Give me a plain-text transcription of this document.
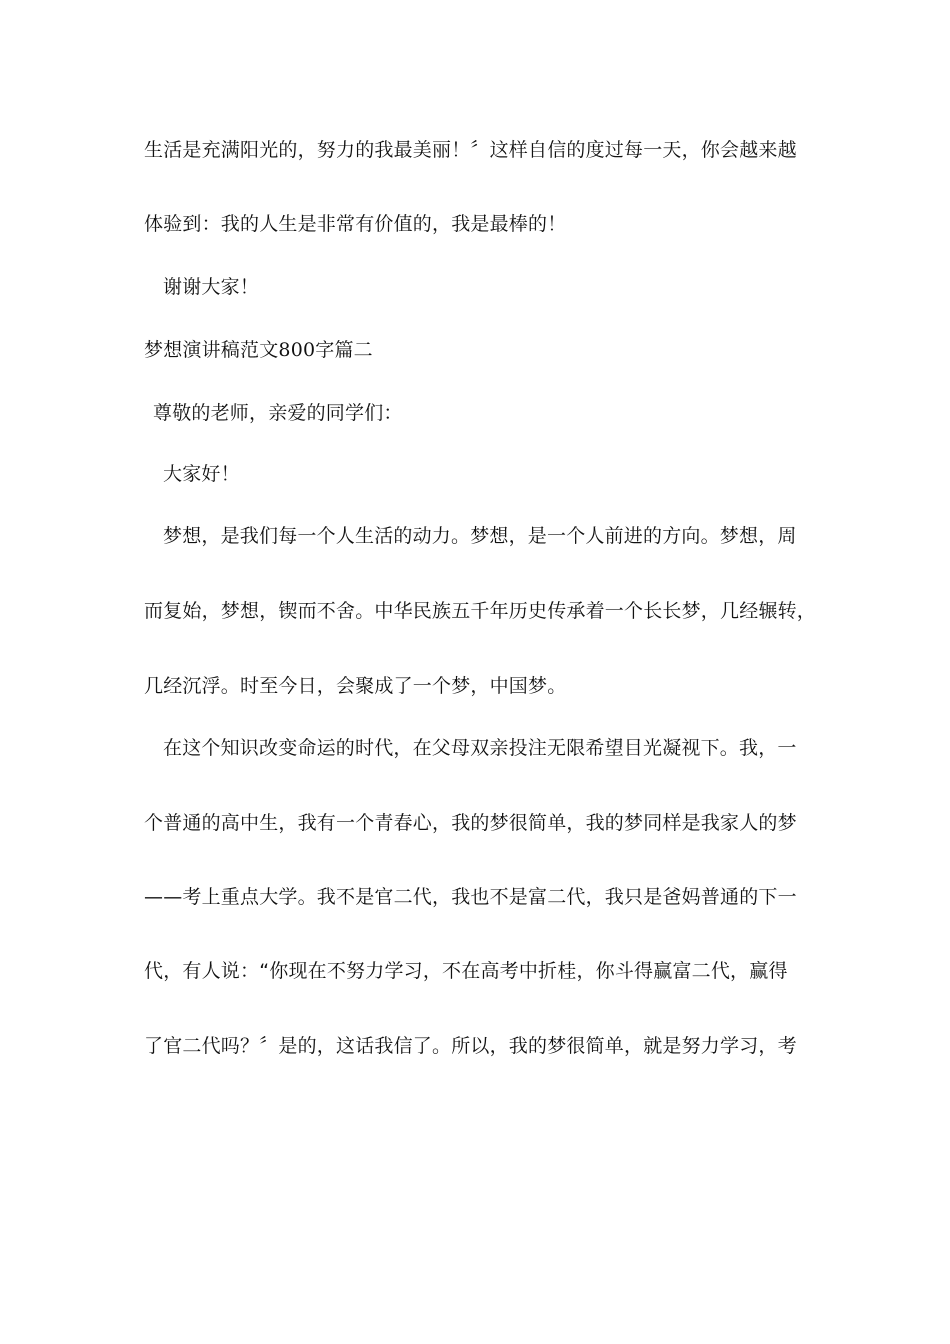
生活是充满阳光的，努力的我最美丽！〞这样自信的度过每一天，你会越来越
体验到：我的人生是非常有价值的，我是最棒的！
谢谢大家！
梦想演讲稿范文800字篇二
尊敬的老师，亲爱的同学们：
大家好！
梦想，是我们每一个人生活的动力。梦想，是一个人前进的方向。梦想，周
而复始，梦想，锲而不舍。中华民族五千年历史传承着一个长长梦，几经辗转，
几经沉浮。时至今日，会聚成了一个梦，中国梦。
在这个知识改变命运的时代，在父母双亲投注无限希望目光凝视下。我，一
个普通的高中生，我有一个青春心，我的梦很简单，我的梦同样是我家人的梦
——考上重点大学。我不是官二代，我也不是富二代，我只是爸妈普通的下一
代，有人说：“你现在不努力学习，不在高考中折桂，你斗得赢富二代，赢得
了官二代吗？〞是的，这话我信了。所以，我的梦很简单，就是努力学习，考
